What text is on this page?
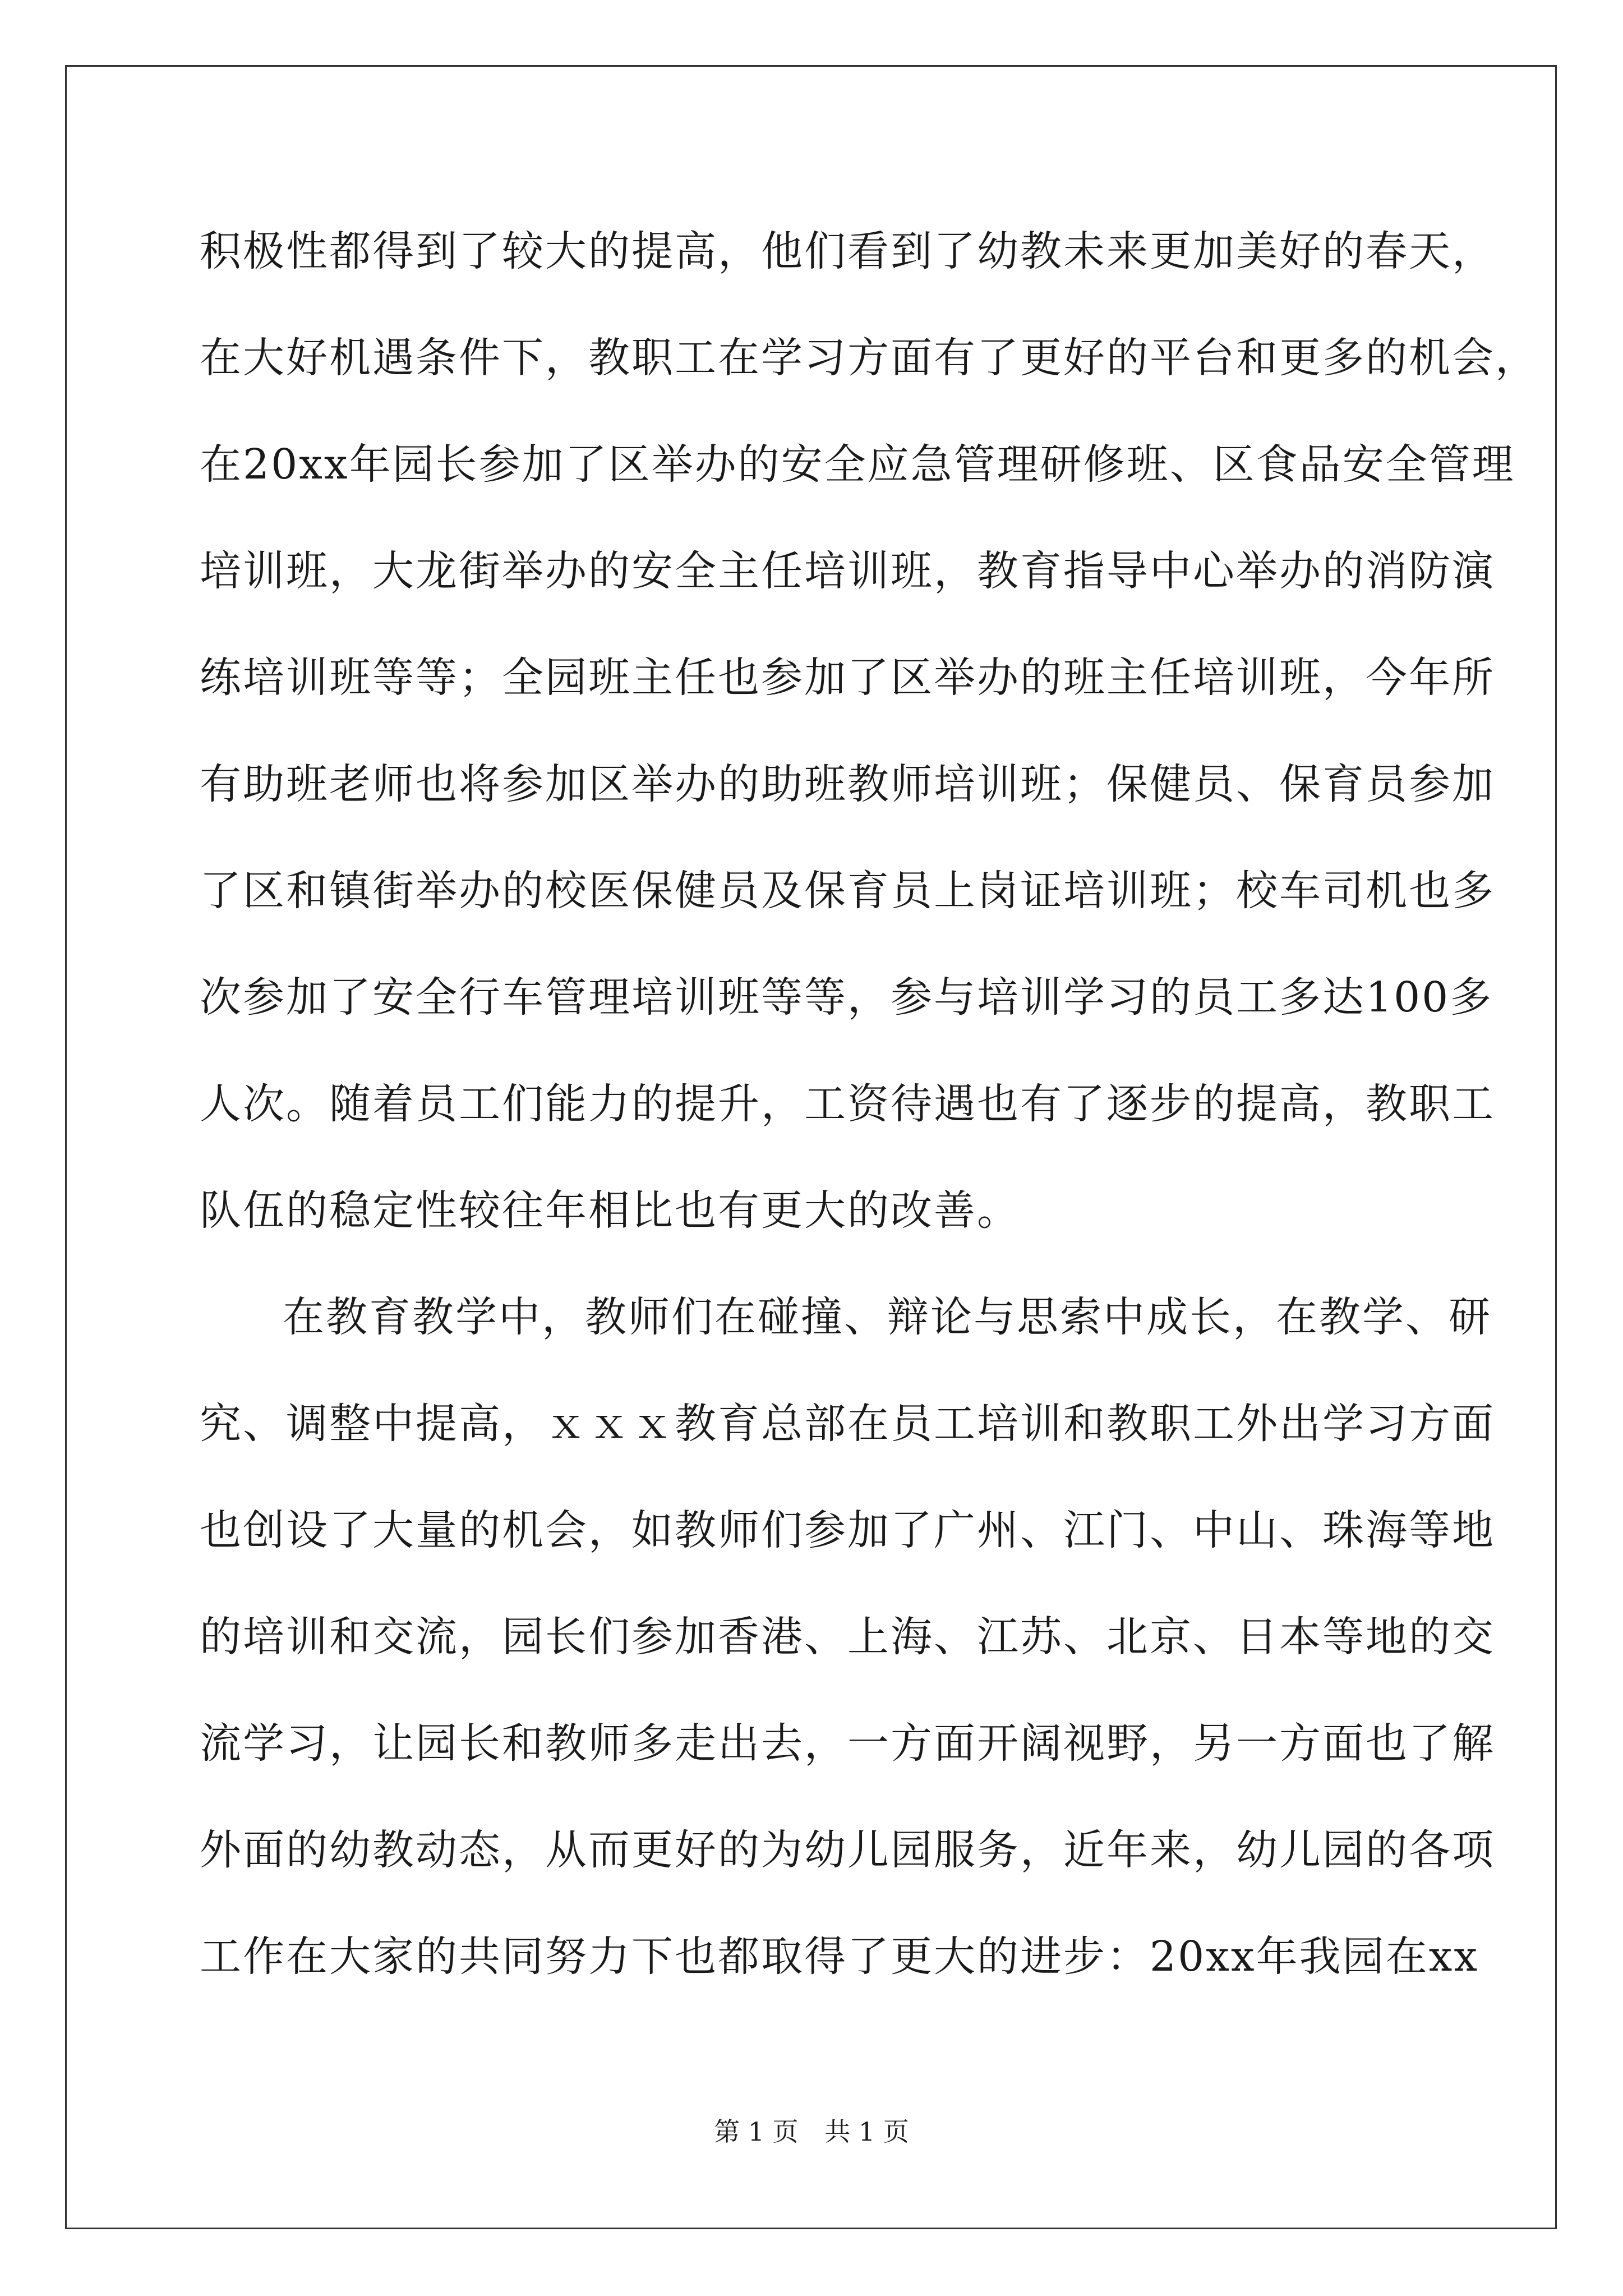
积 极 性 都 得 到 了 较 大 的 提 高 ， 他 们 看 到 了 幼 教 未 来 更 加 美 好 的 春 天 ，
在 大 好 机 遇 条 件 下 ， 教 职 工 在 学 习 方 面 有 了 更 好 的 平 台 和 更 多 的 机 会 ，
在 20xx 年 园 长 参 加 了 区 举 办 的 安 全 应 急 管 理 研 修 班 、 区 食 品 安 全 管 理
培 训 班 ， 大 龙 街 举 办 的 安 全 主 任 培 训 班 ， 教 育 指 导 中 心 举 办 的 消 防 演
练 培 训 班 等 等 ； 全 园 班 主 任 也 参 加 了 区 举 办 的 班 主 任 培 训 班 ， 今 年 所
有 助 班 老 师 也 将 参 加 区 举 办 的 助 班 教 师 培 训 班 ； 保 健 员 、 保 育 员 参 加
了 区 和 镇 街 举 办 的 校 医 保 健 员 及 保 育 员 上 岗 证 培 训 班 ； 校 车 司 机 也 多
次 参 加 了 安 全 行 车 管 理 培 训 班 等 等 ， 参 与 培 训 学 习 的 员 工 多 达 100 多
人 次 。 随 着 员 工 们 能 力 的 提 升 ， 工 资 待 遇 也 有 了 逐 步 的 提 高 ， 教 职 工
队伍的稳定性较往年相比也有更大的改善。
在 教 育 教 学 中 ， 教 师 们 在 碰 撞 、 辩 论 与 思 索 中 成 长 ， 在 教 学 、 研
究 、 调 整 中 提 高 ， ｘ ｘ ｘ 教 育 总 部 在 员 工 培 训 和 教 职 工 外 出 学 习 方 面
也 创 设 了 大 量 的 机 会 ， 如 教 师 们 参 加 了 广 州 、 江 门 、 中 山 、 珠 海 等 地
的 培 训 和 交 流 ， 园 长 们 参 加 香 港 、 上 海 、 江 苏 、 北 京 、 日 本 等 地 的 交
流 学 习 ， 让 园 长 和 教 师 多 走 出 去 ， 一 方 面 开 阔 视 野 ， 另 一 方 面 也 了 解
外 面 的 幼 教 动 态 ， 从 而 更 好 的 为 幼 儿 园 服 务 ， 近 年 来 ， 幼 儿 园 的 各 项
工 作 在 大 家 的 共 同 努 力 下 也 都 取 得 了 更 大 的 进 步 ： 20xx 年 我 园 在 xx
第 1 页 共 1 页
